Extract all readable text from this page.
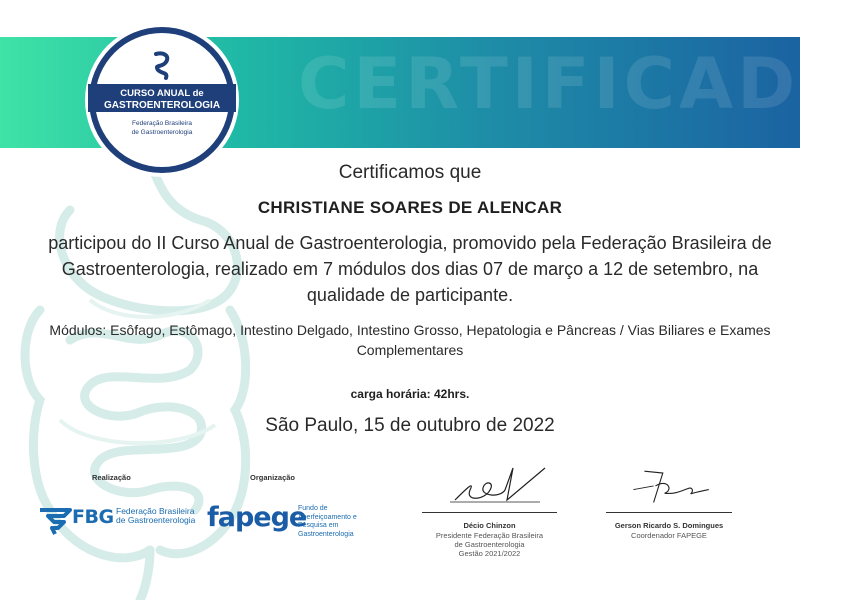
CERTIFICADO
CURSO ANUAL de
GASTROENTEROLOGIA
Federação Brasileira
de Gastroenterologia
Certificamos que
CHRISTIANE SOARES DE ALENCAR
participou do II Curso Anual de Gastroenterologia, promovido pela Federação Brasileira de Gastroenterologia, realizado em 7 módulos dos dias 07 de março a 12 de setembro, na qualidade de participante.
Módulos: Esôfago, Estômago, Intestino Delgado, Intestino Grosso, Hepatologia e Pâncreas / Vias Biliares e Exames Complementares
carga horária: 42hrs.
São Paulo, 15 de outubro de 2022
Realização
FBG Federação Brasileira de Gastroenterologia
Organização
fapege
Fundo de Aperfeiçoamento e Pesquisa em Gastroenterologia
Décio Chinzon
Presidente Federação Brasileira
de Gastroenterologia
Gestão 2021/2022
Gerson Ricardo S. Domingues
Coordenador FAPEGE
